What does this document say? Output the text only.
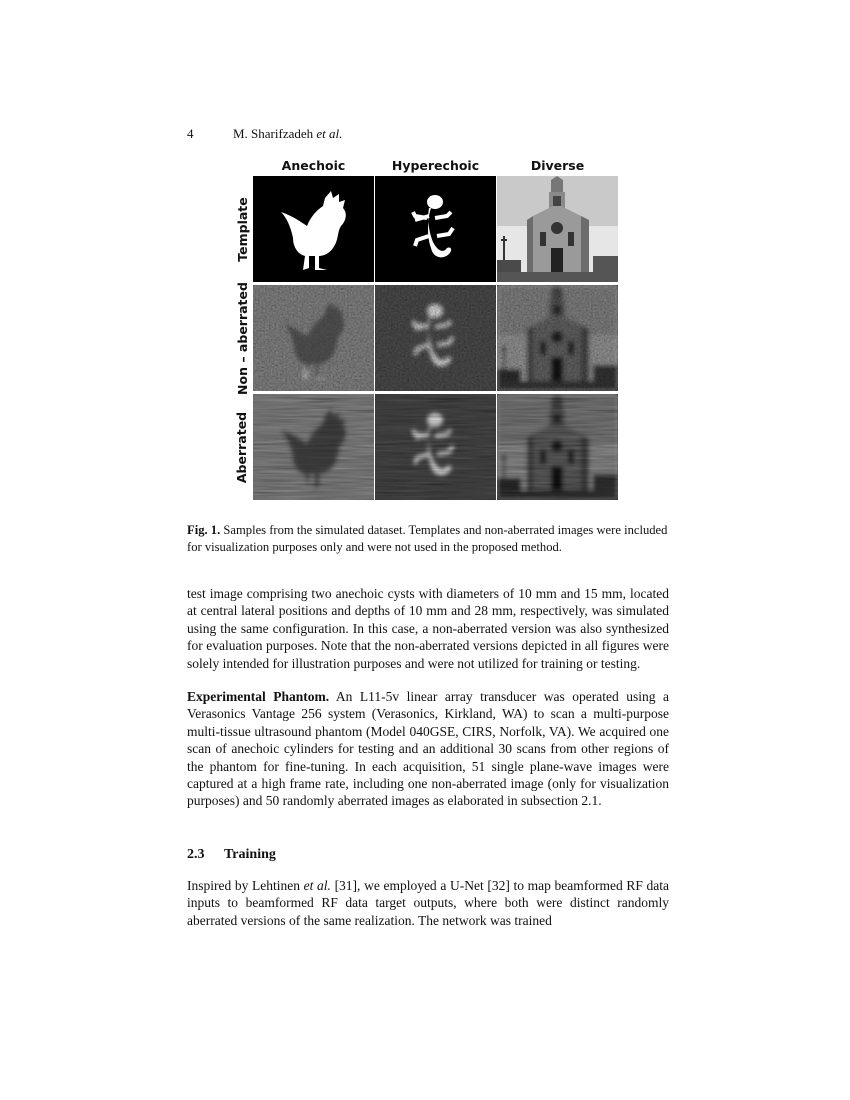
4	M. Sharifzadeh et al.
Anechoic	Hyperechoic	Diverse
Template
Non – aberrated
Aberrated
Fig. 1. Samples from the simulated dataset. Templates and non-aberrated images were included for visualization purposes only and were not used in the proposed method.
test image comprising two anechoic cysts with diameters of 10 mm and 15 mm, located at central lateral positions and depths of 10 mm and 28 mm, respectively, was simulated using the same configuration. In this case, a non-aberrated version was also synthesized for evaluation purposes. Note that the non-aberrated versions depicted in all figures were solely intended for illustration purposes and were not utilized for training or testing.
Experimental Phantom. An L11-5v linear array transducer was operated using a Verasonics Vantage 256 system (Verasonics, Kirkland, WA) to scan a multi-purpose multi-tissue ultrasound phantom (Model 040GSE, CIRS, Norfolk, VA). We acquired one scan of anechoic cylinders for testing and an additional 30 scans from other regions of the phantom for fine-tuning. In each acquisition, 51 single plane-wave images were captured at a high frame rate, including one non-aberrated image (only for visualization purposes) and 50 randomly aberrated images as elaborated in subsection 2.1.
2.3 Training
Inspired by Lehtinen et al. [31], we employed a U-Net [32] to map beamformed RF data inputs to beamformed RF data target outputs, where both were distinct randomly aberrated versions of the same realization. The network was trained
